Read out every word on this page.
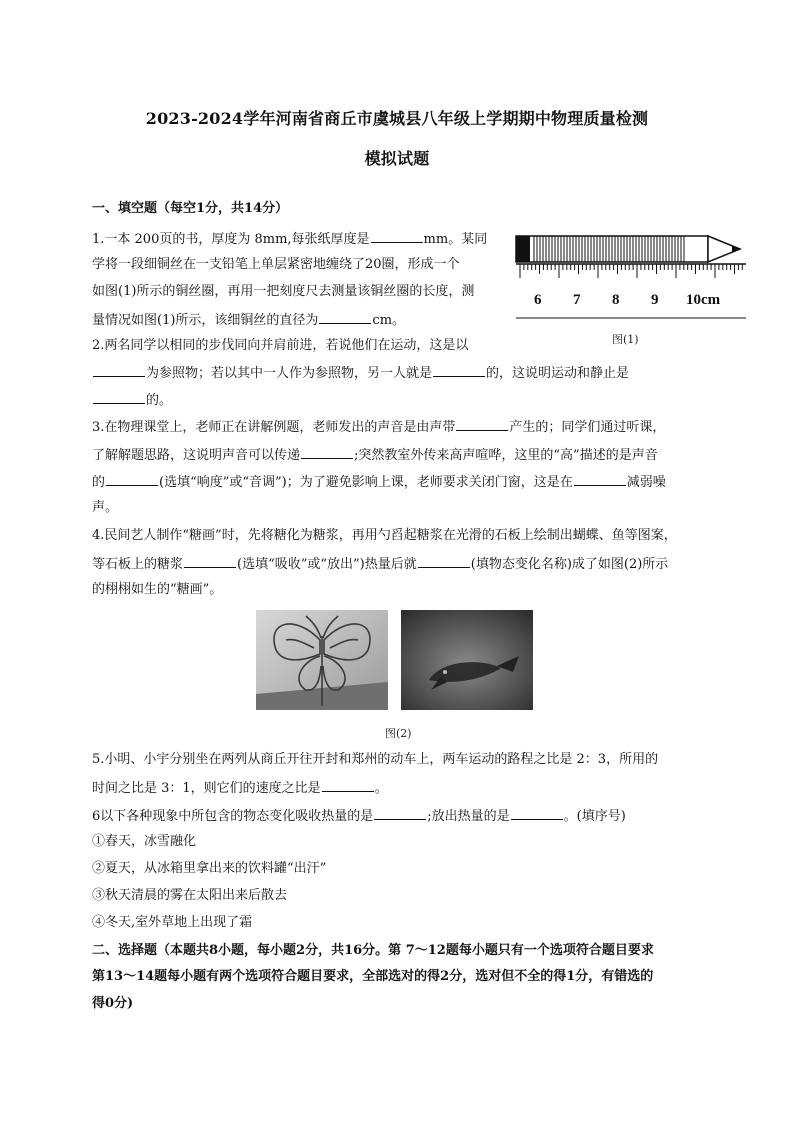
2023-2024学年河南省商丘市虞城县八年级上学期期中物理质量检测
模拟试题
一、填空题（每空1分，共14分）
1.一本 200页的书，厚度为 8mm,每张纸厚度是	mm。某同
学将一段细铜丝在一支铅笔上单层紧密地缠绕了20圈，形成一个
如图(1)所示的铜丝圈，再用一把刻度尺去测量该铜丝圈的长度，测
量情况如图(1)所示，该细铜丝的直径为	cm。
6 7 8 9 10cm
图(1)
2.两名同学以相同的步伐同向并肩前进，若说他们在运动，这是以
为参照物；若以其中一人作为参照物，另一人就是	的，这说明运动和静止是
的。
3.在物理课堂上，老师正在讲解例题，老师发出的声音是由声带	产生的；同学们通过听课，
了解解题思路，这说明声音可以传递	;突然教室外传来高声喧哗，这里的“高”描述的是声音
的	(选填“响度”或“音调”)；为了避免影响上课，老师要求关闭门窗，这是在	减弱噪
声。
4.民间艺人制作“糖画”时，先将糖化为糖浆，再用勺舀起糖浆在光滑的石板上绘制出蝴蝶、鱼等图案，
等石板上的糖浆	(选填“吸收”或“放出”)热量后就	(填物态变化名称)成了如图(2)所示
的栩栩如生的“糖画”。
图(2)
5.小明、小宇分别坐在两列从商丘开往开封和郑州的动车上，两车运动的路程之比是 2：3，所用的
时间之比是 3：1，则它们的速度之比是	。
6以下各种现象中所包含的物态变化吸收热量的是	;放出热量的是	。(填序号)
①春天，冰雪融化
②夏天，从冰箱里拿出来的饮料罐“出汗”
③秋天清晨的雾在太阳出来后散去
④冬天,室外草地上出现了霜
二、选择题（本题共8小题，每小题2分，共16分。第 7～12题每小题只有一个选项符合题目要求
第13～14题每小题有两个选项符合题目要求，全部选对的得2分，选对但不全的得1分，有错选的
得0分)
